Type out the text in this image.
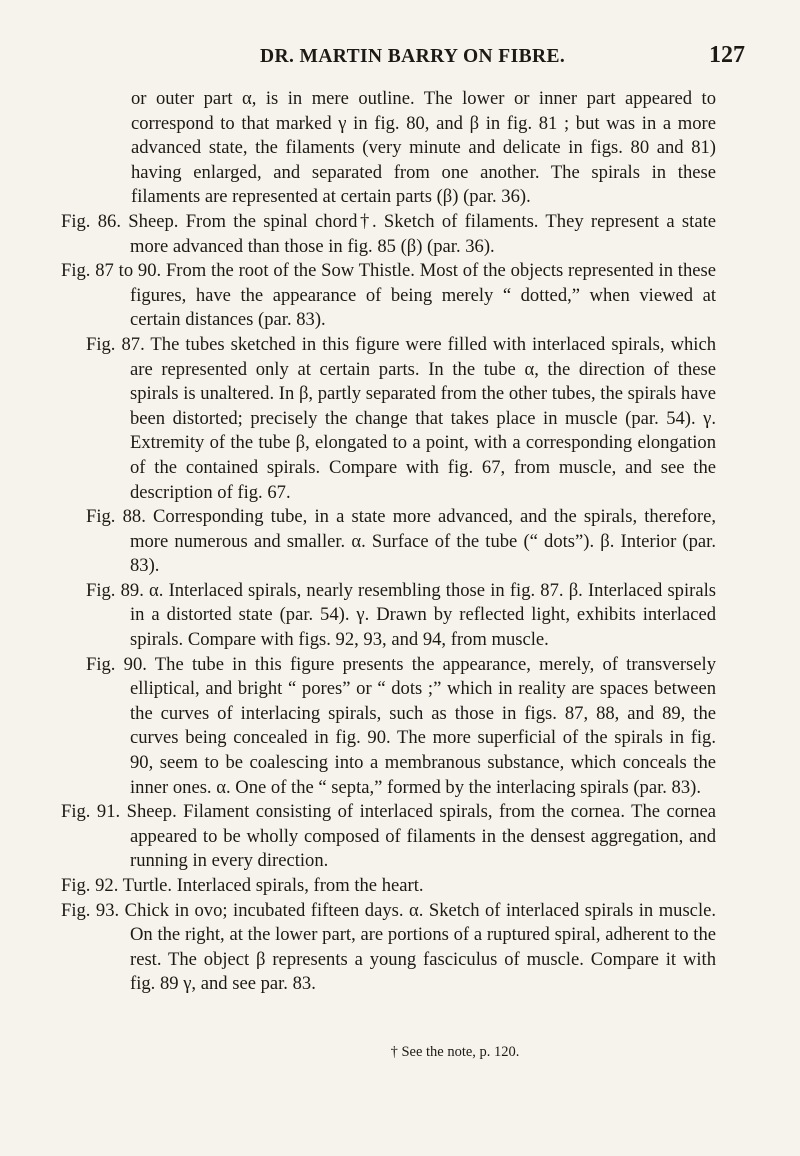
DR. MARTIN BARRY ON FIBRE.	127

or outer part α, is in mere outline. The lower or inner part appeared to correspond to that marked γ in fig. 80, and β in fig. 81 ; but was in a more advanced state, the filaments (very minute and delicate in figs. 80 and 81) having enlarged, and separated from one another. The spirals in these filaments are represented at certain parts (β) (par. 36).

Fig. 86. Sheep. From the spinal chord†. Sketch of filaments. They represent a state more advanced than those in fig. 85 (β) (par. 36).

Fig. 87 to 90. From the root of the Sow Thistle. Most of the objects represented in these figures, have the appearance of being merely “ dotted,” when viewed at certain distances (par. 83).

Fig. 87. The tubes sketched in this figure were filled with interlaced spirals, which are represented only at certain parts. In the tube α, the direction of these spirals is unaltered. In β, partly separated from the other tubes, the spirals have been distorted; precisely the change that takes place in muscle (par. 54). γ. Extremity of the tube β, elongated to a point, with a corresponding elongation of the contained spirals. Compare with fig. 67, from muscle, and see the description of fig. 67.

Fig. 88. Corresponding tube, in a state more advanced, and the spirals, therefore, more numerous and smaller. α. Surface of the tube (“ dots”). β. Interior (par. 83).

Fig. 89. α. Interlaced spirals, nearly resembling those in fig. 87. β. Interlaced spirals in a distorted state (par. 54). γ. Drawn by reflected light, exhibits interlaced spirals. Compare with figs. 92, 93, and 94, from muscle.

Fig. 90. The tube in this figure presents the appearance, merely, of transversely elliptical, and bright “ pores” or “ dots ;” which in reality are spaces between the curves of interlacing spirals, such as those in figs. 87, 88, and 89, the curves being concealed in fig. 90. The more superficial of the spirals in fig. 90, seem to be coalescing into a membranous substance, which conceals the inner ones. α. One of the “ septa,” formed by the interlacing spirals (par. 83).

Fig. 91. Sheep. Filament consisting of interlaced spirals, from the cornea. The cornea appeared to be wholly composed of filaments in the densest aggregation, and running in every direction.

Fig. 92. Turtle. Interlaced spirals, from the heart.

Fig. 93. Chick in ovo; incubated fifteen days. α. Sketch of interlaced spirals in muscle. On the right, at the lower part, are portions of a ruptured spiral, adherent to the rest. The object β represents a young fasciculus of muscle. Compare it with fig. 89 γ, and see par. 83.

† See the note, p. 120.
